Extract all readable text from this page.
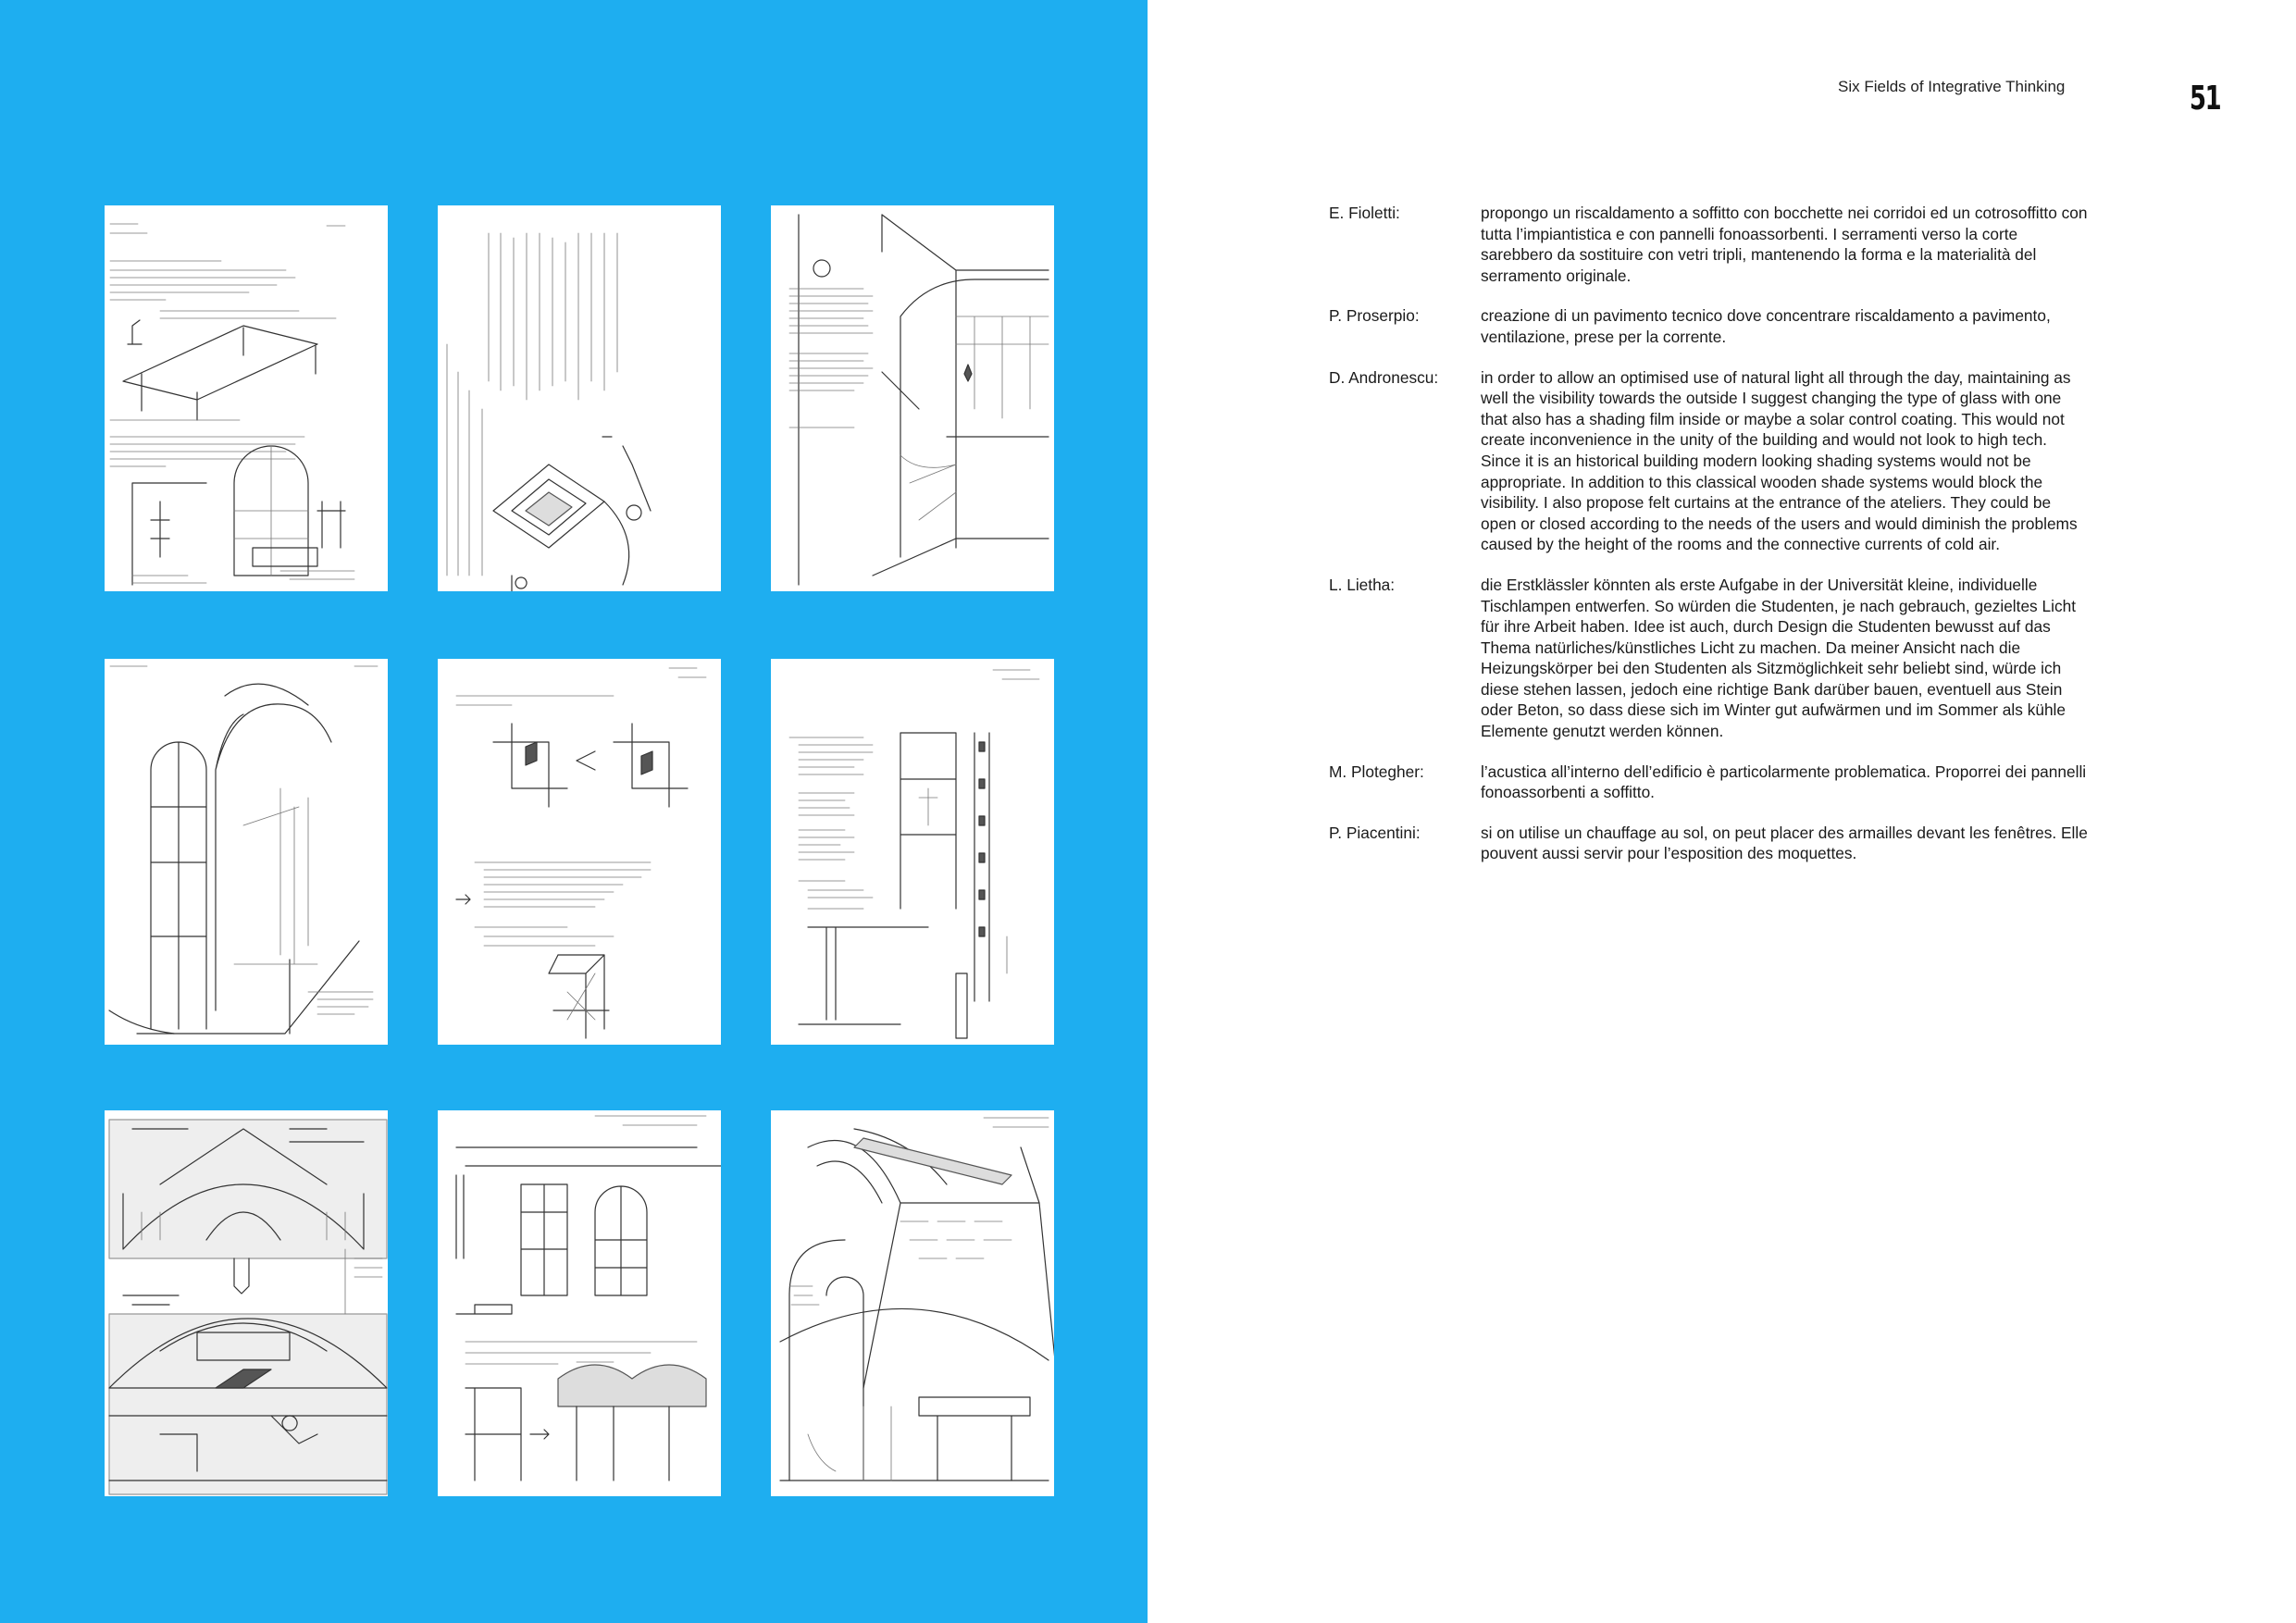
Six Fields of Integrative Thinking	51
E. Fioletti:	propongo un riscaldamento a soffitto con bocchette nei corridoi ed un cotrosoffitto con tutta l’impiantistica e con pannelli fonoassorbenti. I serramenti verso la corte sarebbero da sostituire con vetri tripli, mantenendo la forma e la materialità del serramento originale.
P. Proserpio:	creazione di un pavimento tecnico dove concentrare riscaldamento a pavimento, ventilazione, prese per la corrente.
D. Andronescu:	in order to allow an optimised use of natural light all through the day, maintaining as well the visibility towards the outside I suggest changing the type of glass with one that also has a shading film inside or maybe a solar control coating. This would not create inconvenience in the unity of the building and would not look to high tech. Since it is an historical building modern looking shading systems would not be appropriate. In addition to this classical wooden shade systems would block the visibility. I also propose felt curtains at the entrance of the ateliers. They could be open or closed according to the needs of the users and would diminish the problems caused by the height of the rooms and the connective currents of cold air.
L. Lietha:	die Erstklässler könnten als erste Aufgabe in der Universität kleine, individuelle Tischlampen entwerfen. So würden die Studenten, je nach gebrauch, gezieltes Licht für ihre Arbeit haben. Idee ist auch, durch Design die Studenten bewusst auf das Thema natürliches/künstliches Licht zu machen. Da meiner Ansicht nach die Heizungskörper bei den Studenten als Sitzmöglichkeit sehr beliebt sind, würde ich diese stehen lassen, jedoch eine richtige Bank darüber bauen, eventuell aus Stein oder Beton, so dass diese sich im Winter gut aufwärmen und im Sommer als kühle Elemente genutzt werden können.
M. Plotegher:	l’acustica all’interno dell’edificio è particolarmente problematica. Proporrei dei pannelli fonoassorbenti a soffitto.
P. Piacentini:	si on utilise un chauffage au sol, on peut placer des armailles devant les fenêtres. Elle pouvent aussi servir pour l’esposition des moquettes.
